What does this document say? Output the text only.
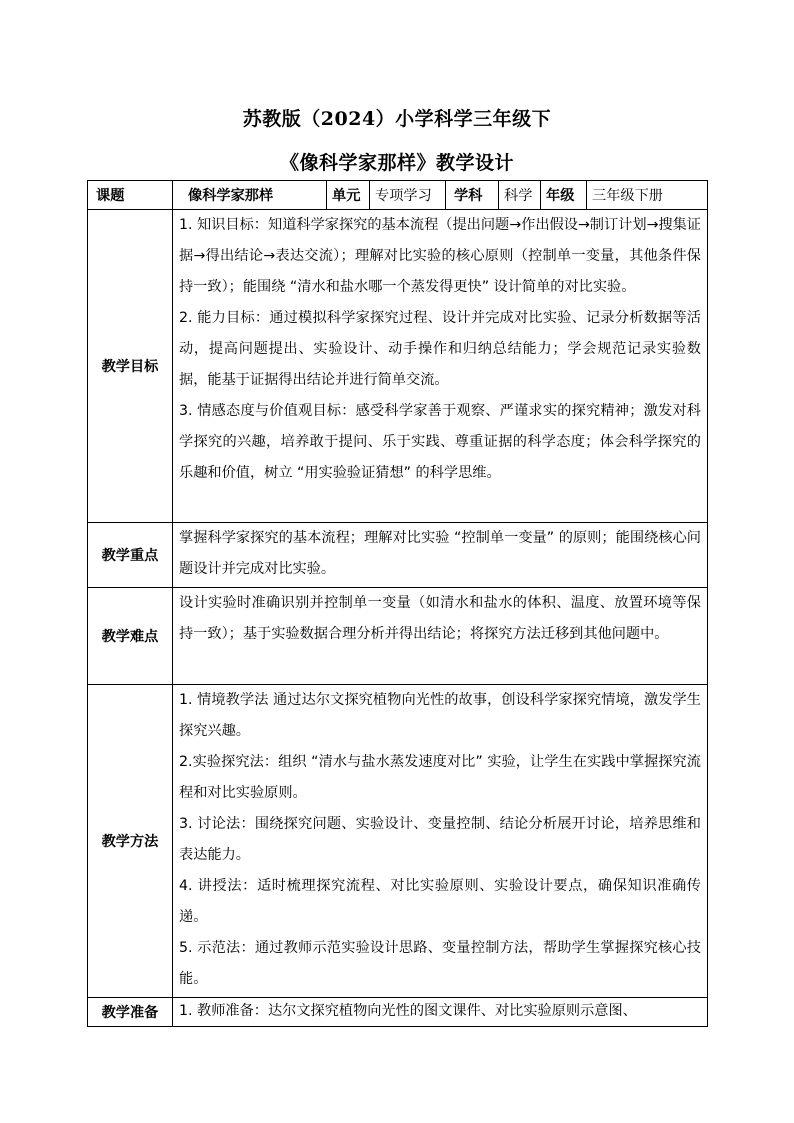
苏教版（2024）小学科学三年级下
《像科学家那样》教学设计
课题	像科学家那样	单元	专项学习	学科	科学	年级	三年级下册
教学目标	1. 知识目标：知道科学家探究的基本流程（提出问题→作出假设→制订计划→搜集证据→得出结论→表达交流）；理解对比实验的核心原则（控制单一变量，其他条件保持一致）；能围绕 “清水和盐水哪一个蒸发得更快” 设计简单的对比实验。
2. 能力目标：通过模拟科学家探究过程、设计并完成对比实验、记录分析数据等活动，提高问题提出、实验设计、动手操作和归纳总结能力；学会规范记录实验数据，能基于证据得出结论并进行简单交流。
3. 情感态度与价值观目标：感受科学家善于观察、严谨求实的探究精神；激发对科学探究的兴趣，培养敢于提问、乐于实践、尊重证据的科学态度；体会科学探究的乐趣和价值，树立 “用实验验证猜想” 的科学思维。						

教学重点	掌握科学家探究的基本流程；理解对比实验 “控制单一变量” 的原则；能围绕核心问题设计并完成对比实验。						
教学难点	设计实验时准确识别并控制单一变量（如清水和盐水的体积、温度、放置环境等保持一致）；基于实验数据合理分析并得出结论；将探究方法迁移到其他问题中。						
教学方法	1. 情境教学法 通过达尔文探究植物向光性的故事，创设科学家探究情境，激发学生探究兴趣。
2.实验探究法：组织 “清水与盐水蒸发速度对比” 实验，让学生在实践中掌握探究流程和对比实验原则。
3. 讨论法：围绕探究问题、实验设计、变量控制、结论分析展开讨论，培养思维和表达能力。
4. 讲授法：适时梳理探究流程、对比实验原则、实验设计要点，确保知识准确传递。
5. 示范法：通过教师示范实验设计思路、变量控制方法，帮助学生掌握探究核心技能。						

教学准备	1. 教师准备：达尔文探究植物向光性的图文课件、对比实验原则示意图、						
